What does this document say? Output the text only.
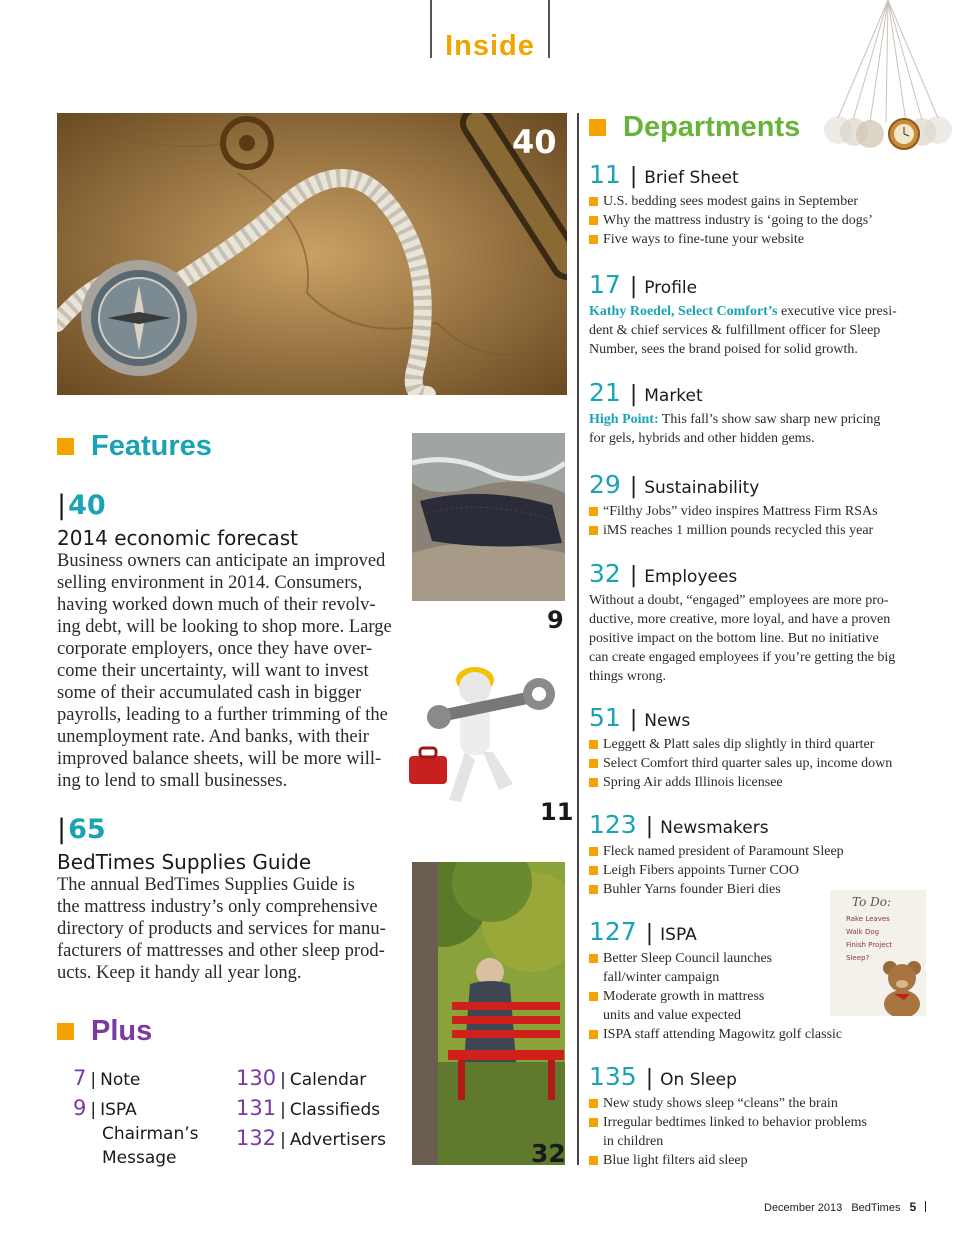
Inside
40
9
11
32
Features
|40
2014 economic forecast
Business owners can anticipate an improved
selling environment in 2014. Consumers,
having worked down much of their revolv-
ing debt, will be looking to shop more. Large
corporate employers, once they have over-
come their uncertainty, will want to invest
some of their accumulated cash in bigger
payrolls, leading to a further trimming of the
unemployment rate. And banks, with their
improved balance sheets, will be more will-
ing to lend to small businesses.
|65
BedTimes Supplies Guide
The annual BedTimes Supplies Guide is
the mattress industry’s only comprehensive
directory of products and services for manu-
facturers of mattresses and other sleep prod-
ucts. Keep it handy all year long.
Plus
7 | Note
9 | ISPA
Chairman’s
Message
130 | Calendar
131 | Classifieds
132 | Advertisers
Departments
11 | Brief Sheet
U.S. bedding sees modest gains in September
Why the mattress industry is ‘going to the dogs’
Five ways to fine-tune your website
17 | Profile
Kathy Roedel, Select Comfort’s executive vice presi-
dent & chief services & fulfillment officer for Sleep
Number, sees the brand poised for solid growth.
21 | Market
High Point: This fall’s show saw sharp new pricing
for gels, hybrids and other hidden gems.
29 | Sustainability
“Filthy Jobs” video inspires Mattress Firm RSAs
iMS reaches 1 million pounds recycled this year
32 | Employees
Without a doubt, “engaged” employees are more pro-
ductive, more creative, more loyal, and have a proven
positive impact on the bottom line. But no initiative
can create engaged employees if you’re getting the big
things wrong.
51 | News
Leggett & Platt sales dip slightly in third quarter
Select Comfort third quarter sales up, income down
Spring Air adds Illinois licensee
123 | Newsmakers
Fleck named president of Paramount Sleep
Leigh Fibers appoints Turner COO
Buhler Yarns founder Bieri dies
127 | ISPA
Better Sleep Council launches
fall/winter campaign
Moderate growth in mattress
units and value expected
ISPA staff attending Magowitz golf classic
To Do:
Rake Leaves
Walk Dog
Finish Project
Sleep?
135 | On Sleep
New study shows sleep “cleans” the brain
Irregular bedtimes linked to behavior problems
in children
Blue light filters aid sleep
December 2013 BedTimes 5
